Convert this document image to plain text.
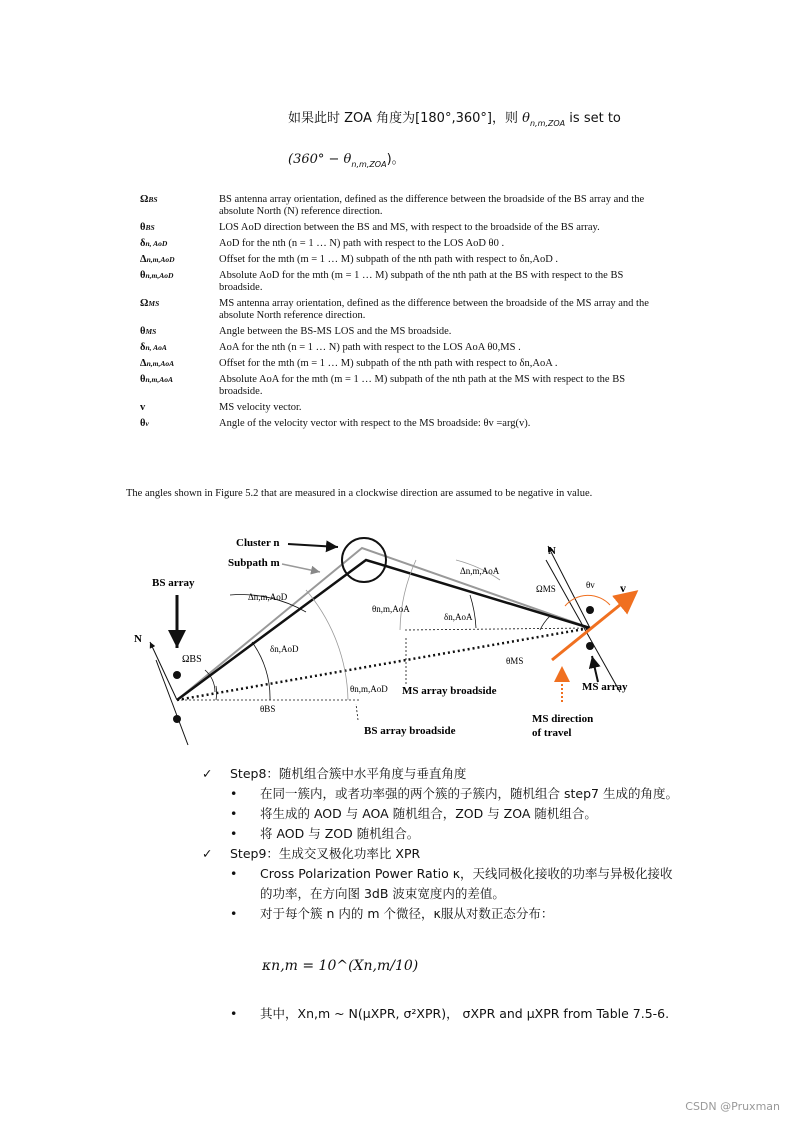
如果此时 ZOA 角度为[180°,360°]，则 $\theta_{n,m,ZOA}$ is set to
$(360^\circ - \theta_{n,m,ZOA})$。
ΩBS	BS antenna array orientation, defined as the difference between the broadside of the BS array and the absolute North (N) reference direction.
θBS	LOS AoD direction between the BS and MS, with respect to the broadside of the BS array.
δn, AoD	AoD for the nth (n = 1 … N) path with respect to the LOS AoD θ0 .
Δn,m,AoD	Offset for the mth (m = 1 … M) subpath of the nth path with respect to δn,AoD .
θn,m,AoD	Absolute AoD for the mth (m = 1 … M) subpath of the nth path at the BS with respect to the BS broadside.
ΩMS	MS antenna array orientation, defined as the difference between the broadside of the MS array and the absolute North reference direction.
θMS	Angle between the BS-MS LOS and the MS broadside.
δn, AoA	AoA for the nth (n = 1 … N) path with respect to the LOS AoA θ0,MS .
Δn,m,AoA	Offset for the mth (m = 1 … M) subpath of the nth path with respect to δn,AoA .
θn,m,AoA	Absolute AoA for the mth (m = 1 … M) subpath of the nth path at the MS with respect to the BS broadside.
v	MS velocity vector.
θv	Angle of the velocity vector with respect to the MS broadside: θv =arg(v).
The angles shown in Figure 5.2 that are measured in a clockwise direction are assumed to be negative in value.
Cluster n
Subpath m
BS array
N
N
ΩBS
Δn,m,AoD
δn,AoD
θn,m,AoD
θBS
BS array broadside
MS array broadside
Δn,m,AoA
θn,m,AoA
δn,AoA
ΩMS	θv v
θMS
MS array
MS direction
of travel
✓	Step8：随机组合簇中水平角度与垂直角度
•	在同一簇内，或者功率强的两个簇的子簇内，随机组合 step7 生成的角度。
•	将生成的 AOD 与 AOA 随机组合，ZOD 与 ZOA 随机组合。
•	将 AOD 与 ZOD 随机组合。
✓	Step9：生成交叉极化功率比 XPR
•	Cross Polarization Power Ratio κ，天线同极化接收的功率与异极化接收的功率，在方向图 3dB 波束宽度内的差值。
•	对于每个簇 n 内的 m 个微径，κ服从对数正态分布：
κn,m = 10^(Xn,m/10)
• 其中，Xn,m ~ N(μXPR, σ²XPR)， σXPR and μXPR from Table 7.5-6.
CSDN @Pruxman
